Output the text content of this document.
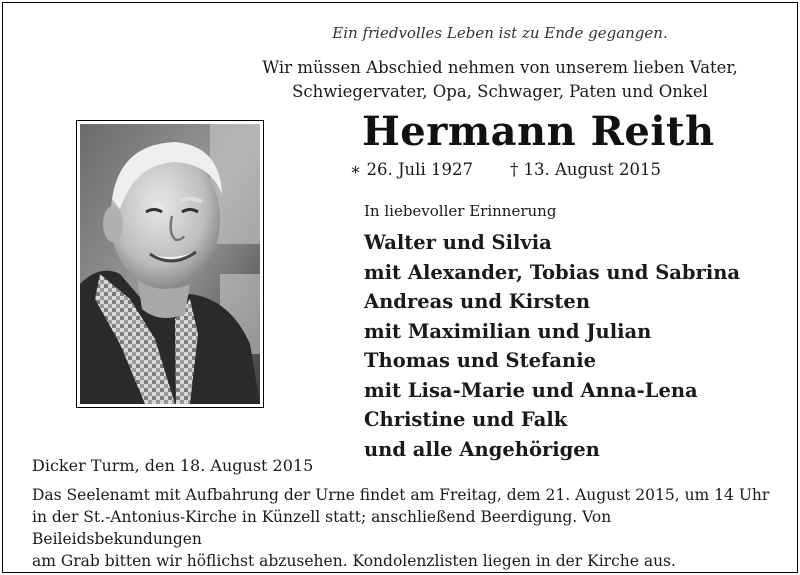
Ein friedvolles Leben ist zu Ende gegangen.
Wir müssen Abschied nehmen von unserem lieben Vater,
Schwiegervater, Opa, Schwager, Paten und Onkel
Hermann Reith
∗ 26. Juli 1927 † 13. August 2015
In liebevoller Erinnerung
Walter und Silvia
mit Alexander, Tobias und Sabrina
Andreas und Kirsten
mit Maximilian und Julian
Thomas und Stefanie
mit Lisa-Marie und Anna-Lena
Christine und Falk
und alle Angehörigen
Dicker Turm, den 18. August 2015
Das Seelenamt mit Aufbahrung der Urne findet am Freitag, dem 21. August 2015, um 14 Uhr
in der St.-Antonius-Kirche in Künzell statt; anschließend Beerdigung. Von Beileidsbekundungen
am Grab bitten wir höflichst abzusehen. Kondolenzlisten liegen in der Kirche aus.
